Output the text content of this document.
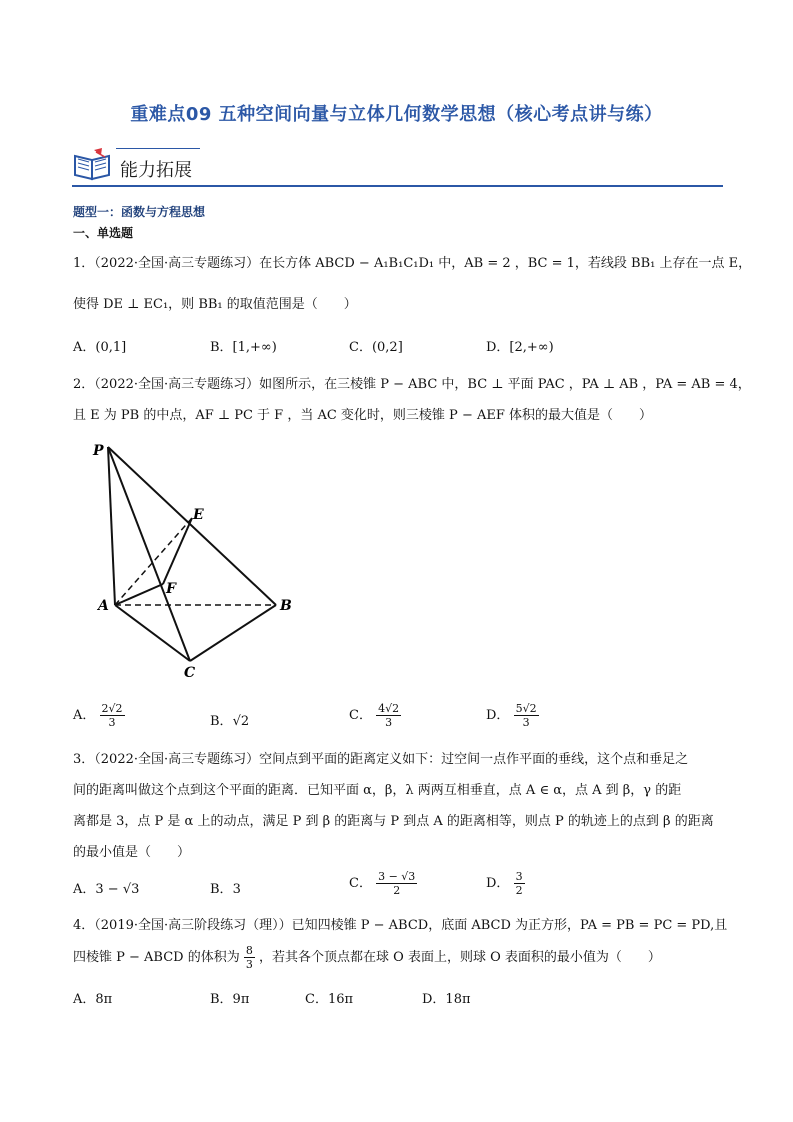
重难点09 五种空间向量与立体几何数学思想（核心考点讲与练）
能力拓展
题型一：函数与方程思想
一、单选题
1．（2022·全国·高三专题练习）在长方体 ABCD − A₁B₁C₁D₁ 中，AB = 2 ，BC = 1，若线段 BB₁ 上存在一点 E，
使得 DE ⊥ EC₁，则 BB₁ 的取值范围是（　　）
A．(0,1]	B．[1,+∞)	C．(0,2]	D．[2,+∞)
2．（2022·全国·高三专题练习）如图所示，在三棱锥 P − ABC 中，BC ⊥ 平面 PAC ，PA ⊥ AB ，PA = AB = 4，
且 E 为 PB 的中点，AF ⊥ PC 于 F ，当 AC 变化时，则三棱锥 P − AEF 体积的最大值是（　　）
P
E
F
A	B
C
A． $\frac{2√2}{3}$	B．√2	C． $\frac{4√2}{3}$	D． $\frac{5√2}{3}$
3．（2022·全国·高三专题练习）空间点到平面的距离定义如下：过空间一点作平面的垂线，这个点和垂足之
间的距离叫做这个点到这个平面的距离．已知平面 α，β，λ 两两互相垂直，点 A ∈ α，点 A 到 β，γ 的距
离都是 3，点 P 是 α 上的动点，满足 P 到 β 的距离与 P 到点 A 的距离相等，则点 P 的轨迹上的点到 β 的距离
的最小值是（　　）
A．3 − √3	B．3	C． $\frac{3 - √3}{2}$	D． $\frac{3}{2}$
4．（2019·全国·高三阶段练习（理））已知四棱锥 P − ABCD，底面 ABCD 为正方形，PA = PB = PC = PD,且
四棱锥 P − ABCD 的体积为 $\frac{8}{3}$ ，若其各个顶点都在球 O 表面上，则球 O 表面积的最小值为（　　）
A．8π	B．9π	C．16π	D．18π
